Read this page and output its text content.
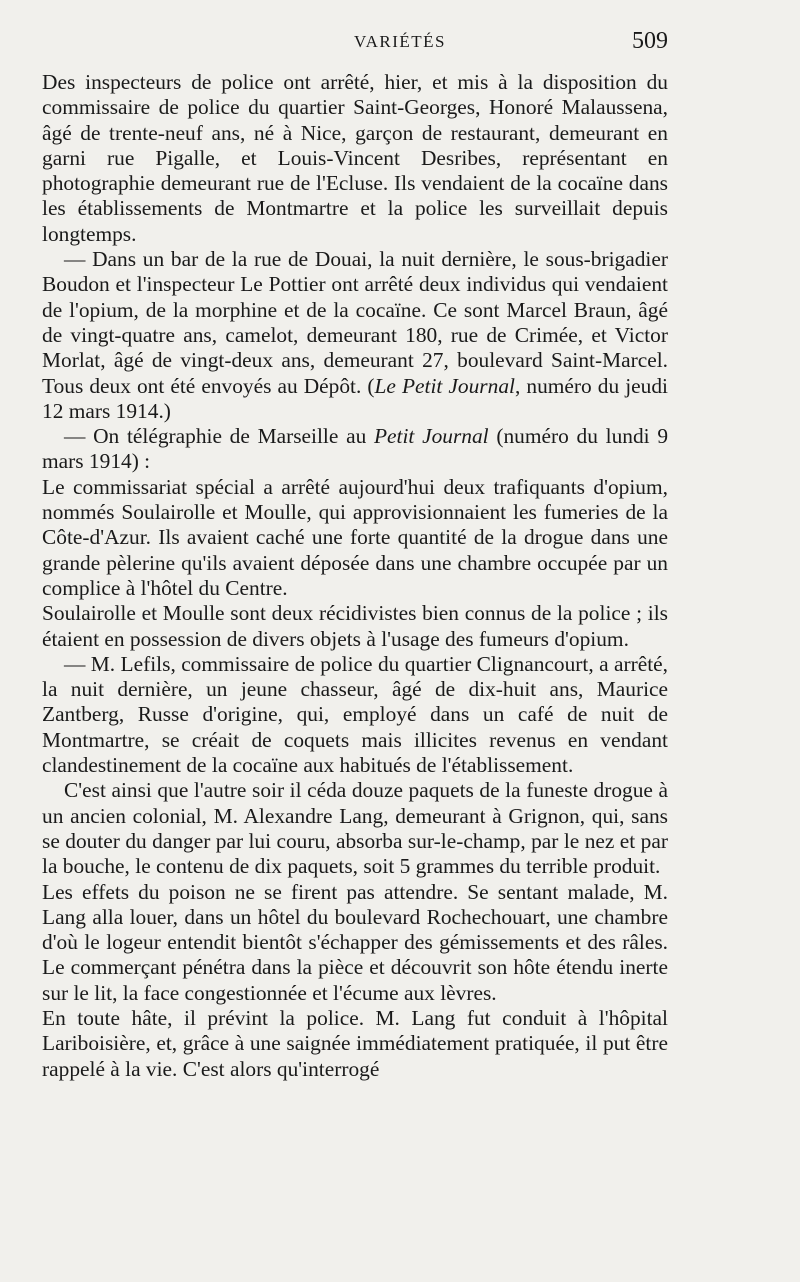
VARIÉTÉS	509

Des inspecteurs de police ont arrêté, hier, et mis à la disposition du commissaire de police du quartier Saint-Georges, Honoré Malaussena, âgé de trente-neuf ans, né à Nice, garçon de restaurant, demeurant en garni rue Pigalle, et Louis-Vincent Desribes, représentant en photographie demeurant rue de l'Ecluse. Ils vendaient de la cocaïne dans les établissements de Montmartre et la police les surveillait depuis longtemps.

— Dans un bar de la rue de Douai, la nuit dernière, le sous-brigadier Boudon et l'inspecteur Le Pottier ont arrêté deux individus qui vendaient de l'opium, de la morphine et de la cocaïne. Ce sont Marcel Braun, âgé de vingt-quatre ans, camelot, demeurant 180, rue de Crimée, et Victor Morlat, âgé de vingt-deux ans, demeurant 27, boulevard Saint-Marcel. Tous deux ont été envoyés au Dépôt. (Le Petit Journal, numéro du jeudi 12 mars 1914.)

— On télégraphie de Marseille au Petit Journal (numéro du lundi 9 mars 1914) :

Le commissariat spécial a arrêté aujourd'hui deux trafiquants d'opium, nommés Soulairolle et Moulle, qui approvisionnaient les fumeries de la Côte-d'Azur. Ils avaient caché une forte quantité de la drogue dans une grande pèlerine qu'ils avaient déposée dans une chambre occupée par un complice à l'hôtel du Centre.

Soulairolle et Moulle sont deux récidivistes bien connus de la police ; ils étaient en possession de divers objets à l'usage des fumeurs d'opium.

— M. Lefils, commissaire de police du quartier Clignancourt, a arrêté, la nuit dernière, un jeune chasseur, âgé de dix-huit ans, Maurice Zantberg, Russe d'origine, qui, employé dans un café de nuit de Montmartre, se créait de coquets mais illicites revenus en vendant clandestinement de la cocaïne aux habitués de l'établissement.

C'est ainsi que l'autre soir il céda douze paquets de la funeste drogue à un ancien colonial, M. Alexandre Lang, demeurant à Grignon, qui, sans se douter du danger par lui couru, absorba sur-le-champ, par le nez et par la bouche, le contenu de dix paquets, soit 5 grammes du terrible produit.

Les effets du poison ne se firent pas attendre. Se sentant malade, M. Lang alla louer, dans un hôtel du boulevard Rochechouart, une chambre d'où le logeur entendit bientôt s'échapper des gémissements et des râles. Le commerçant pénétra dans la pièce et découvrit son hôte étendu inerte sur le lit, la face congestionnée et l'écume aux lèvres.

En toute hâte, il prévint la police. M. Lang fut conduit à l'hôpital Lariboisière, et, grâce à une saignée immédiatement pratiquée, il put être rappelé à la vie. C'est alors qu'interrogé
